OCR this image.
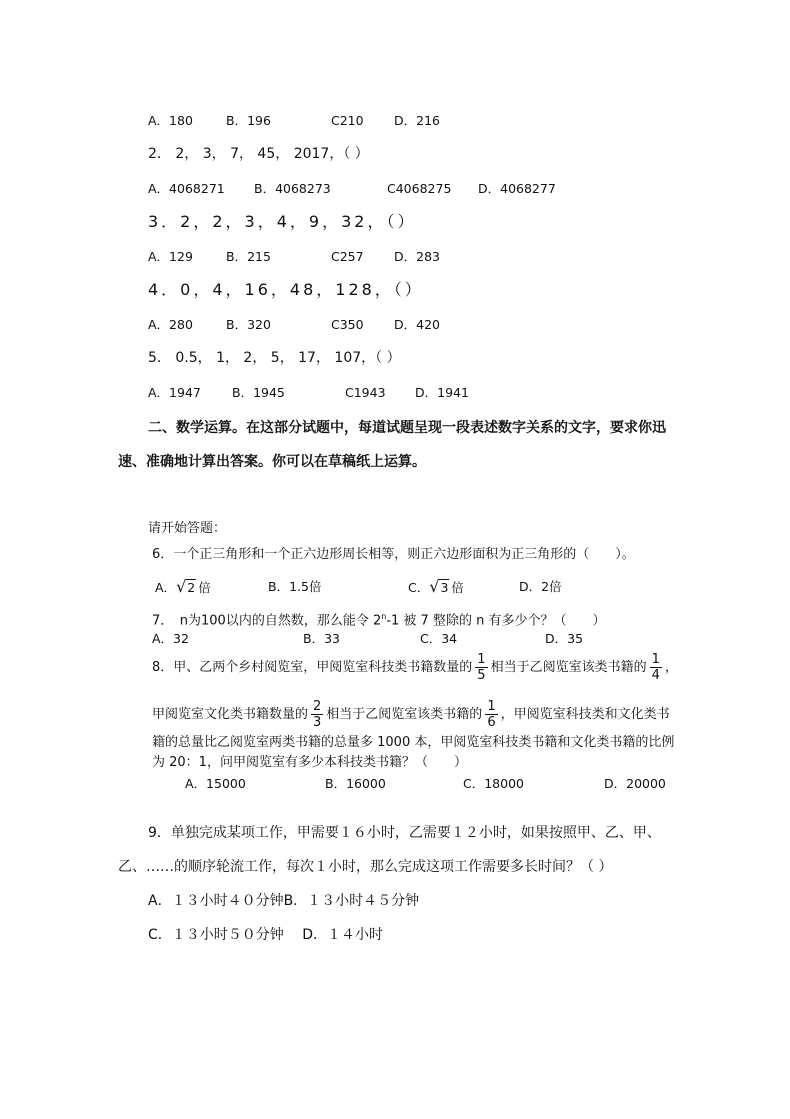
A．180	B．196	C210 D．216
2． 2， 3， 7， 45， 2017，（ ）
A．4068271 B．4068273	C4068275 D．4068277
3．2，2，3，4，9，32，（）
A．129	B．215	C257 D．283
4．0，4，16，48，128，（）
A．280	B．320	C350 D．420
5． 0.5， 1， 2， 5， 17， 107，（ ）
A．1947 B．1945	C1943 D．1941
二、数学运算。在这部分试题中，每道试题呈现一段表述数字关系的文字，要求你迅
速、准确地计算出答案。你可以在草稿纸上运算。
请开始答题：
6．一个正三角形和一个正六边形周长相等，则正六边形面积为正三角形的（　　）。
A． √ 2 倍	B．1.5倍	C． √ 3 倍	D．2倍
7．　n为100以内的自然数，那么能令 2$^n$-1 被 7 整除的 n 有多少个？（　　）
A．32	B．33	C．34	D．35
8．甲、乙两个乡村阅览室，甲阅览室科技类书籍数量的 $\frac{1}{5}$ 相当于乙阅览室该类书籍的 $\frac{1}{4}$ ，
甲阅览室文化类书籍数量的 $\frac{2}{3}$ 相当于乙阅览室该类书籍的 $\frac{1}{6}$ ，甲阅览室科技类和文化类书
籍的总量比乙阅览室两类书籍的总量多 1000 本，甲阅览室科技类书籍和文化类书籍的比例
为 20：1，问甲阅览室有多少本科技类书籍？（　　）
A．15000	B．16000	C．18000	D．20000
9．单独完成某项工作，甲需要１６小时，乙需要１２小时，如果按照甲、乙、甲、
乙、……的顺序轮流工作，每次１小时，那么完成这项工作需要多长时间？（ ）
A．１３小时４０分钟B．１３小时４５分钟
C．１３小时５０分钟　 D．１４小时
